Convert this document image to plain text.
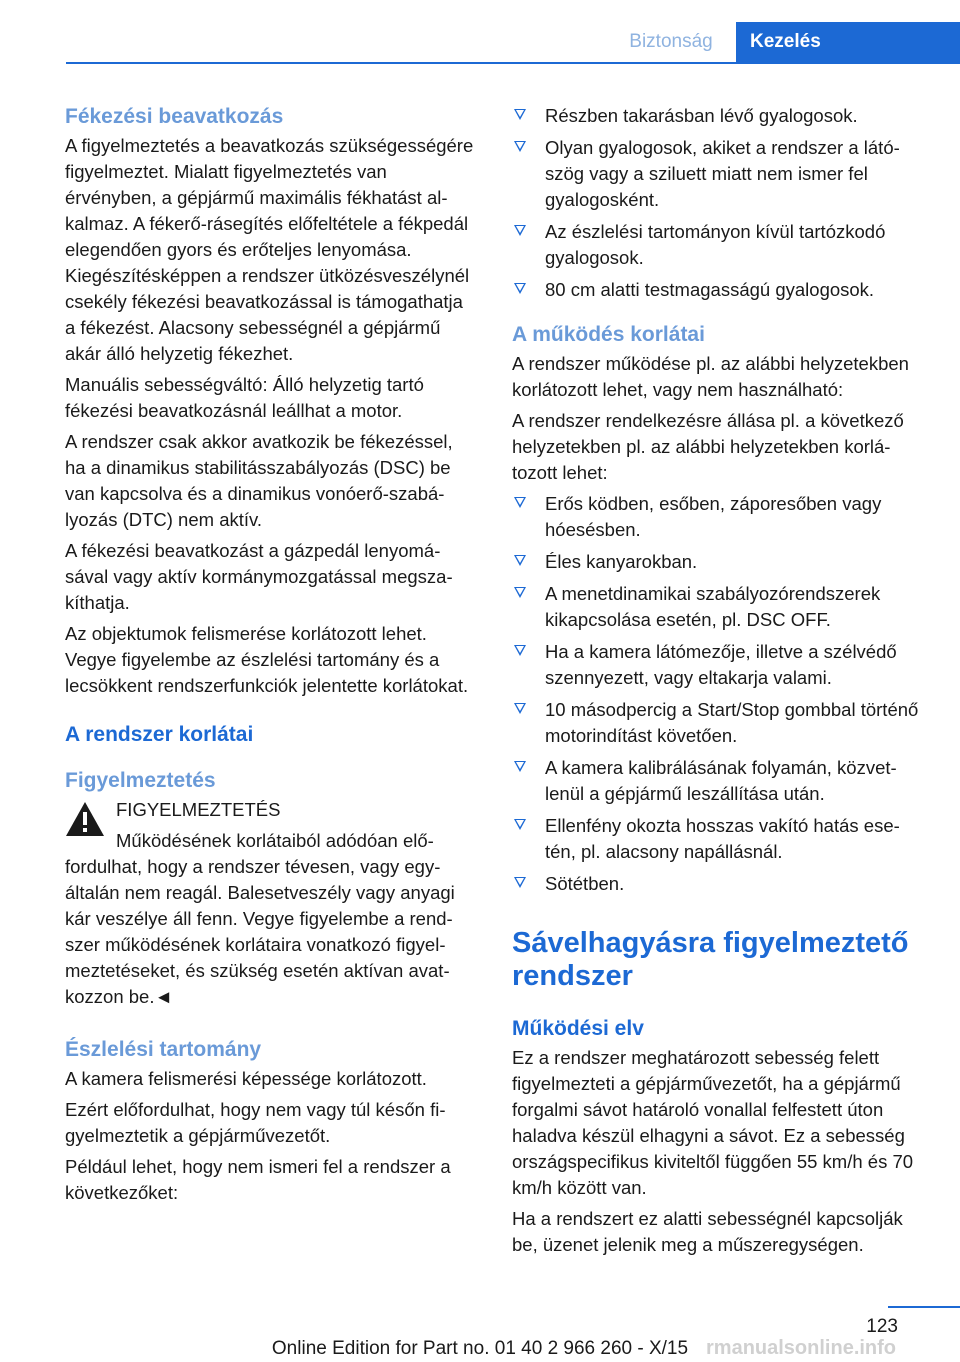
Biztonság	Kezelés
Fékezési beavatkozás

A figyelmeztetés a beavatkozás szükségességére figyelmeztet. Mialatt figyelmeztetés van érvényben, a gépjármű maximális fékhatást alkalmaz. A fékerő-rásegítés előfeltétele a fékpedál elegendően gyors és erőteljes lenyomása. Kiegészítésképpen a rendszer ütközésveszélynél csekély fékezési beavatkozással is támogathatja a fékezést. Alacsony sebességnél a gépjármű akár álló helyzetig fékezhet.

Manuális sebességváltó: Álló helyzetig tartó fékezési beavatkozásnál leállhat a motor.

A rendszer csak akkor avatkozik be fékezéssel, ha a dinamikus stabilitásszabályozás (DSC) be van kapcsolva és a dinamikus vonóerő-szabályozás (DTC) nem aktív.

A fékezési beavatkozást a gázpedál lenyomásával vagy aktív kormánymozgatással megszakíthatja.

Az objektumok felismerése korlátozott lehet. Vegye figyelembe az észlelési tartomány és a lecsökkent rendszerfunkciók jelentette korlátokat.

A rendszer korlátai
Figyelmeztetés
FIGYELMEZTETÉS

Működésének korlátaiból adódóan előfordulhat, hogy a rendszer tévesen, vagy egyáltalán nem reagál. Balesetveszély vagy anyagi kár veszélye áll fenn. Vegye figyelembe a rendszer működésének korlátaira vonatkozó figyelmeztetéseket, és szükség esetén aktívan avatkozzon be.◄

Észlelési tartomány

A kamera felismerési képessége korlátozott.

Ezért előfordulhat, hogy nem vagy túl későn figyelmeztetik a gépjárművezetőt.

Például lehet, hogy nem ismeri fel a rendszer a következőket:

Részben takarásban lévő gyalogosok.
Olyan gyalogosok, akiket a rendszer a látószög vagy a sziluett miatt nem ismer fel gyalogosként.
Az észlelési tartományon kívül tartózkodó gyalogosok.
80 cm alatti testmagasságú gyalogosok.
A működés korlátai

A rendszer működése pl. az alábbi helyzetekben korlátozott lehet, vagy nem használható:

A rendszer rendelkezésre állása pl. a következő helyzetekben pl. az alábbi helyzetekben korlátozott lehet:

Erős ködben, esőben, záporesőben vagy hóesésben.
Éles kanyarokban.
A menetdinamikai szabályozórendszerek kikapcsolása esetén, pl. DSC OFF.
Ha a kamera látómezője, illetve a szélvédő szennyezett, vagy eltakarja valami.
10 másodpercig a Start/Stop gombbal történő motorindítást követően.
A kamera kalibrálásának folyamán, közvetlenül a gépjármű leszállítása után.
Ellenfény okozta hosszas vakító hatás esetén, pl. alacsony napállásnál.
Sötétben.
Sávelhagyásra figyelmeztető rendszer
Működési elv

Ez a rendszer meghatározott sebesség felett figyelmezteti a gépjárművezetőt, ha a gépjármű forgalmi sávot határoló vonallal felfestett úton haladva készül elhagyni a sávot. Ez a sebesség országspecifikus kiviteltől függően 55 km/h és 70 km/h között van.

Ha a rendszert ez alatti sebességnél kapcsolják be, üzenet jelenik meg a műszeregységen.

123
Online Edition for Part no. 01 40 2 966 260 - X/15 rmanualsonline.info
